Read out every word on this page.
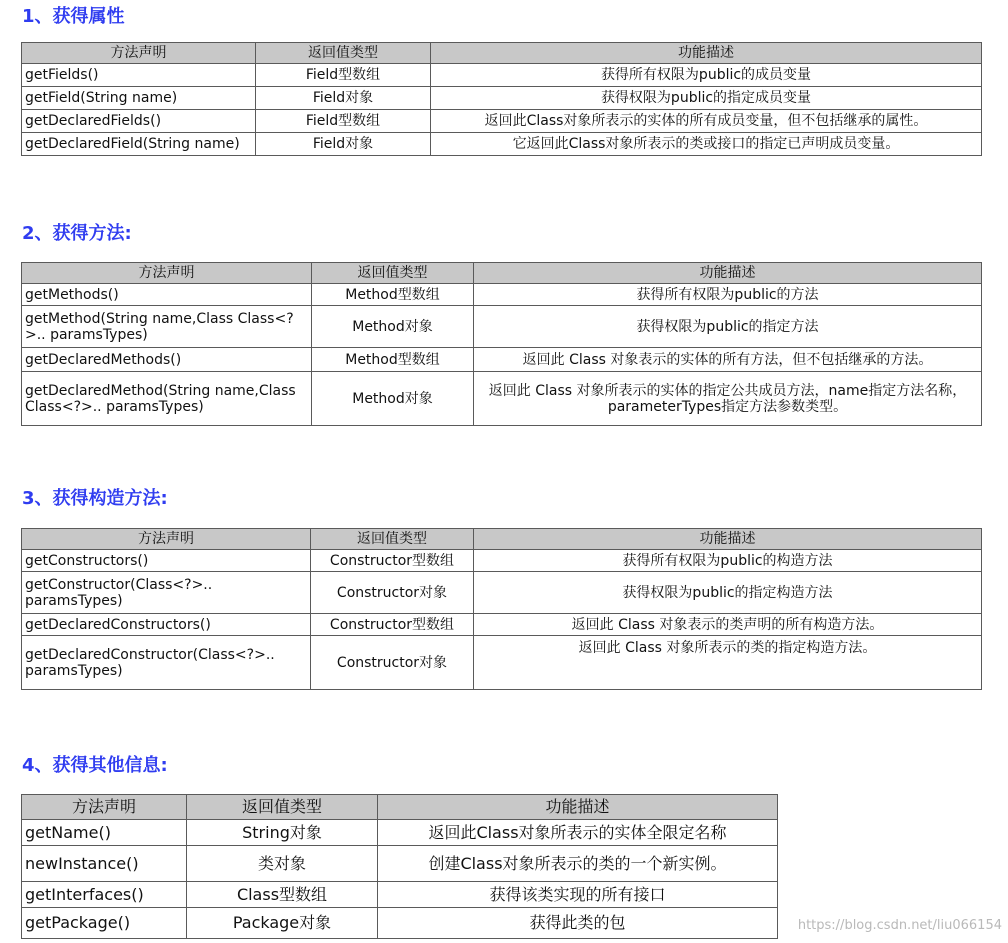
1、获得属性
方法声明	返回值类型	功能描述
getFields()	Field型数组	获得所有权限为public的成员变量
getField(String name)	Field对象	获得权限为public的指定成员变量
getDeclaredFields()	Field型数组	返回此Class对象所表示的实体的所有成员变量，但不包括继承的属性。
getDeclaredField(String name)	Field对象	它返回此Class对象所表示的类或接口的指定已声明成员变量。
2、获得方法:
方法声明	返回值类型	功能描述
getMethods()	Method型数组	获得所有权限为public的方法
getMethod(String name,Class Class<?>.. paramsTypes)	Method对象	获得权限为public的指定方法
getDeclaredMethods()	Method型数组	返回此 Class 对象表示的实体的所有方法，但不包括继承的方法。
getDeclaredMethod(String name,Class Class<?>.. paramsTypes)	Method对象	返回此 Class 对象所表示的实体的指定公共成员方法，name指定方法名称，parameterTypes指定方法参数类型。
3、获得构造方法:
方法声明	返回值类型	功能描述
getConstructors()	Constructor型数组	获得所有权限为public的构造方法
getConstructor(Class<?>.. paramsTypes)	Constructor对象	获得权限为public的指定构造方法
getDeclaredConstructors()	Constructor型数组	返回此 Class 对象表示的类声明的所有构造方法。
getDeclaredConstructor(Class<?>.. paramsTypes)	Constructor对象	返回此 Class 对象所表示的类的指定构造方法。
4、获得其他信息:
方法声明	返回值类型	功能描述
getName()	String对象	返回此Class对象所表示的实体全限定名称
newInstance()	类对象	创建Class对象所表示的类的一个新实例。
getInterfaces()	Class型数组	获得该类实现的所有接口
getPackage()	Package对象	获得此类的包	https://blog.csdn.net/liu066154
